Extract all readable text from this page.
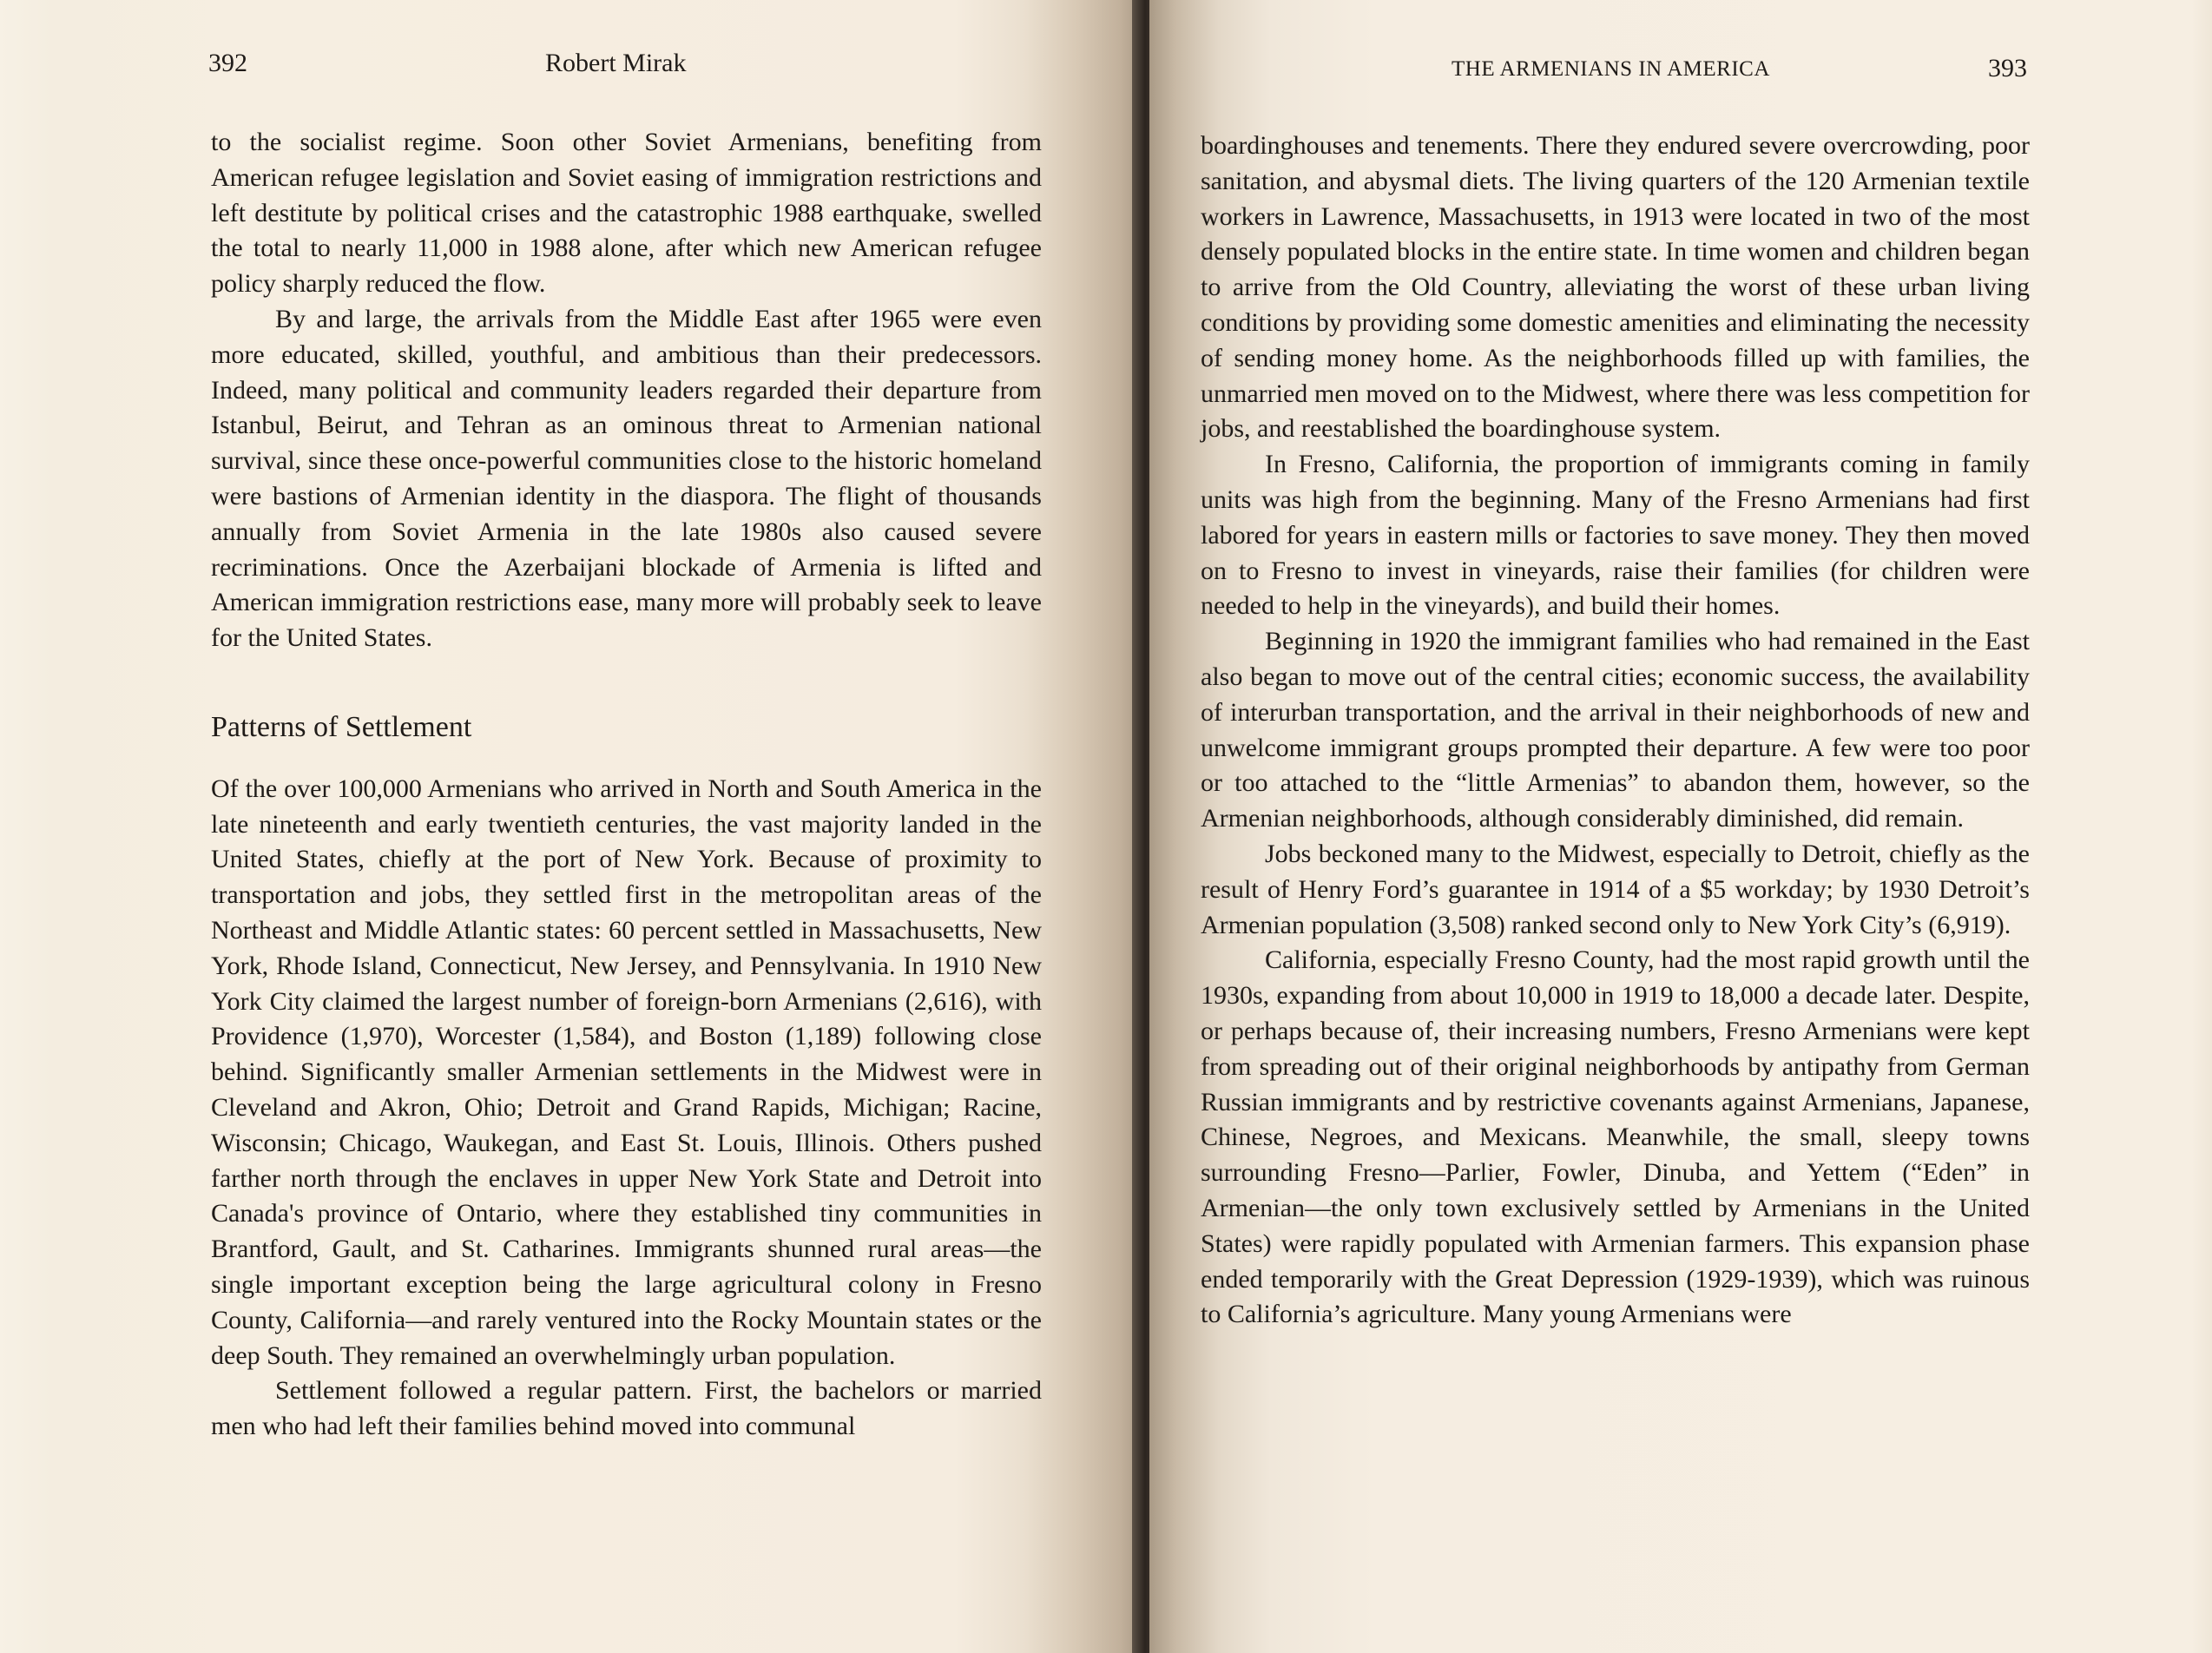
392	Robert Mirak

to the socialist regime. Soon other Soviet Armenians, benefiting from American refugee legislation and Soviet easing of immigration restrictions and left destitute by political crises and the catastrophic 1988 earthquake, swelled the total to nearly 11,000 in 1988 alone, after which new American refugee policy sharply reduced the flow.

By and large, the arrivals from the Middle East after 1965 were even more educated, skilled, youthful, and ambitious than their predecessors. Indeed, many political and community leaders regarded their departure from Istanbul, Beirut, and Tehran as an ominous threat to Armenian national survival, since these once-powerful communities close to the historic homeland were bastions of Armenian identity in the diaspora. The flight of thousands annually from Soviet Armenia in the late 1980s also caused severe recriminations. Once the Azerbaijani blockade of Armenia is lifted and American immigration restrictions ease, many more will probably seek to leave for the United States.

Patterns of Settlement

Of the over 100,000 Armenians who arrived in North and South America in the late nineteenth and early twentieth centuries, the vast majority landed in the United States, chiefly at the port of New York. Because of proximity to transportation and jobs, they settled first in the metropolitan areas of the Northeast and Middle Atlantic states: 60 percent settled in Massachusetts, New York, Rhode Island, Connecticut, New Jersey, and Pennsylvania. In 1910 New York City claimed the largest number of foreign-born Armenians (2,616), with Providence (1,970), Worcester (1,584), and Boston (1,189) following close behind. Significantly smaller Armenian settlements in the Midwest were in Cleveland and Akron, Ohio; Detroit and Grand Rapids, Michigan; Racine, Wisconsin; Chicago, Waukegan, and East St. Louis, Illinois. Others pushed farther north through the enclaves in upper New York State and Detroit into Canada's province of Ontario, where they established tiny communities in Brantford, Gault, and St. Catharines. Immigrants shunned rural areas—the single important exception being the large agricultural colony in Fresno County, California—and rarely ventured into the Rocky Mountain states or the deep South. They remained an overwhelmingly urban population.

Settlement followed a regular pattern. First, the bachelors or married men who had left their families behind moved into communal

THE ARMENIANS IN AMERICA	393

boardinghouses and tenements. There they endured severe overcrowding, poor sanitation, and abysmal diets. The living quarters of the 120 Armenian textile workers in Lawrence, Massachusetts, in 1913 were located in two of the most densely populated blocks in the entire state. In time women and children began to arrive from the Old Country, alleviating the worst of these urban living conditions by providing some domestic amenities and eliminating the necessity of sending money home. As the neighborhoods filled up with families, the unmarried men moved on to the Midwest, where there was less competition for jobs, and reestablished the boardinghouse system.

In Fresno, California, the proportion of immigrants coming in family units was high from the beginning. Many of the Fresno Armenians had first labored for years in eastern mills or factories to save money. They then moved on to Fresno to invest in vineyards, raise their families (for children were needed to help in the vineyards), and build their homes.

Beginning in 1920 the immigrant families who had remained in the East also began to move out of the central cities; economic success, the availability of interurban transportation, and the arrival in their neighborhoods of new and unwelcome immigrant groups prompted their departure. A few were too poor or too attached to the “little Armenias” to abandon them, however, so the Armenian neighborhoods, although considerably diminished, did remain.

Jobs beckoned many to the Midwest, especially to Detroit, chiefly as the result of Henry Ford’s guarantee in 1914 of a $5 workday; by 1930 Detroit’s Armenian population (3,508) ranked second only to New York City’s (6,919).

California, especially Fresno County, had the most rapid growth until the 1930s, expanding from about 10,000 in 1919 to 18,000 a decade later. Despite, or perhaps because of, their increasing numbers, Fresno Armenians were kept from spreading out of their original neighborhoods by antipathy from German Russian immigrants and by restrictive covenants against Armenians, Japanese, Chinese, Negroes, and Mexicans. Meanwhile, the small, sleepy towns surrounding Fresno—Parlier, Fowler, Dinuba, and Yettem (“Eden” in Armenian—the only town exclusively settled by Armenians in the United States) were rapidly populated with Armenian farmers. This expansion phase ended temporarily with the Great Depression (1929-1939), which was ruinous to California’s agriculture. Many young Armenians were
